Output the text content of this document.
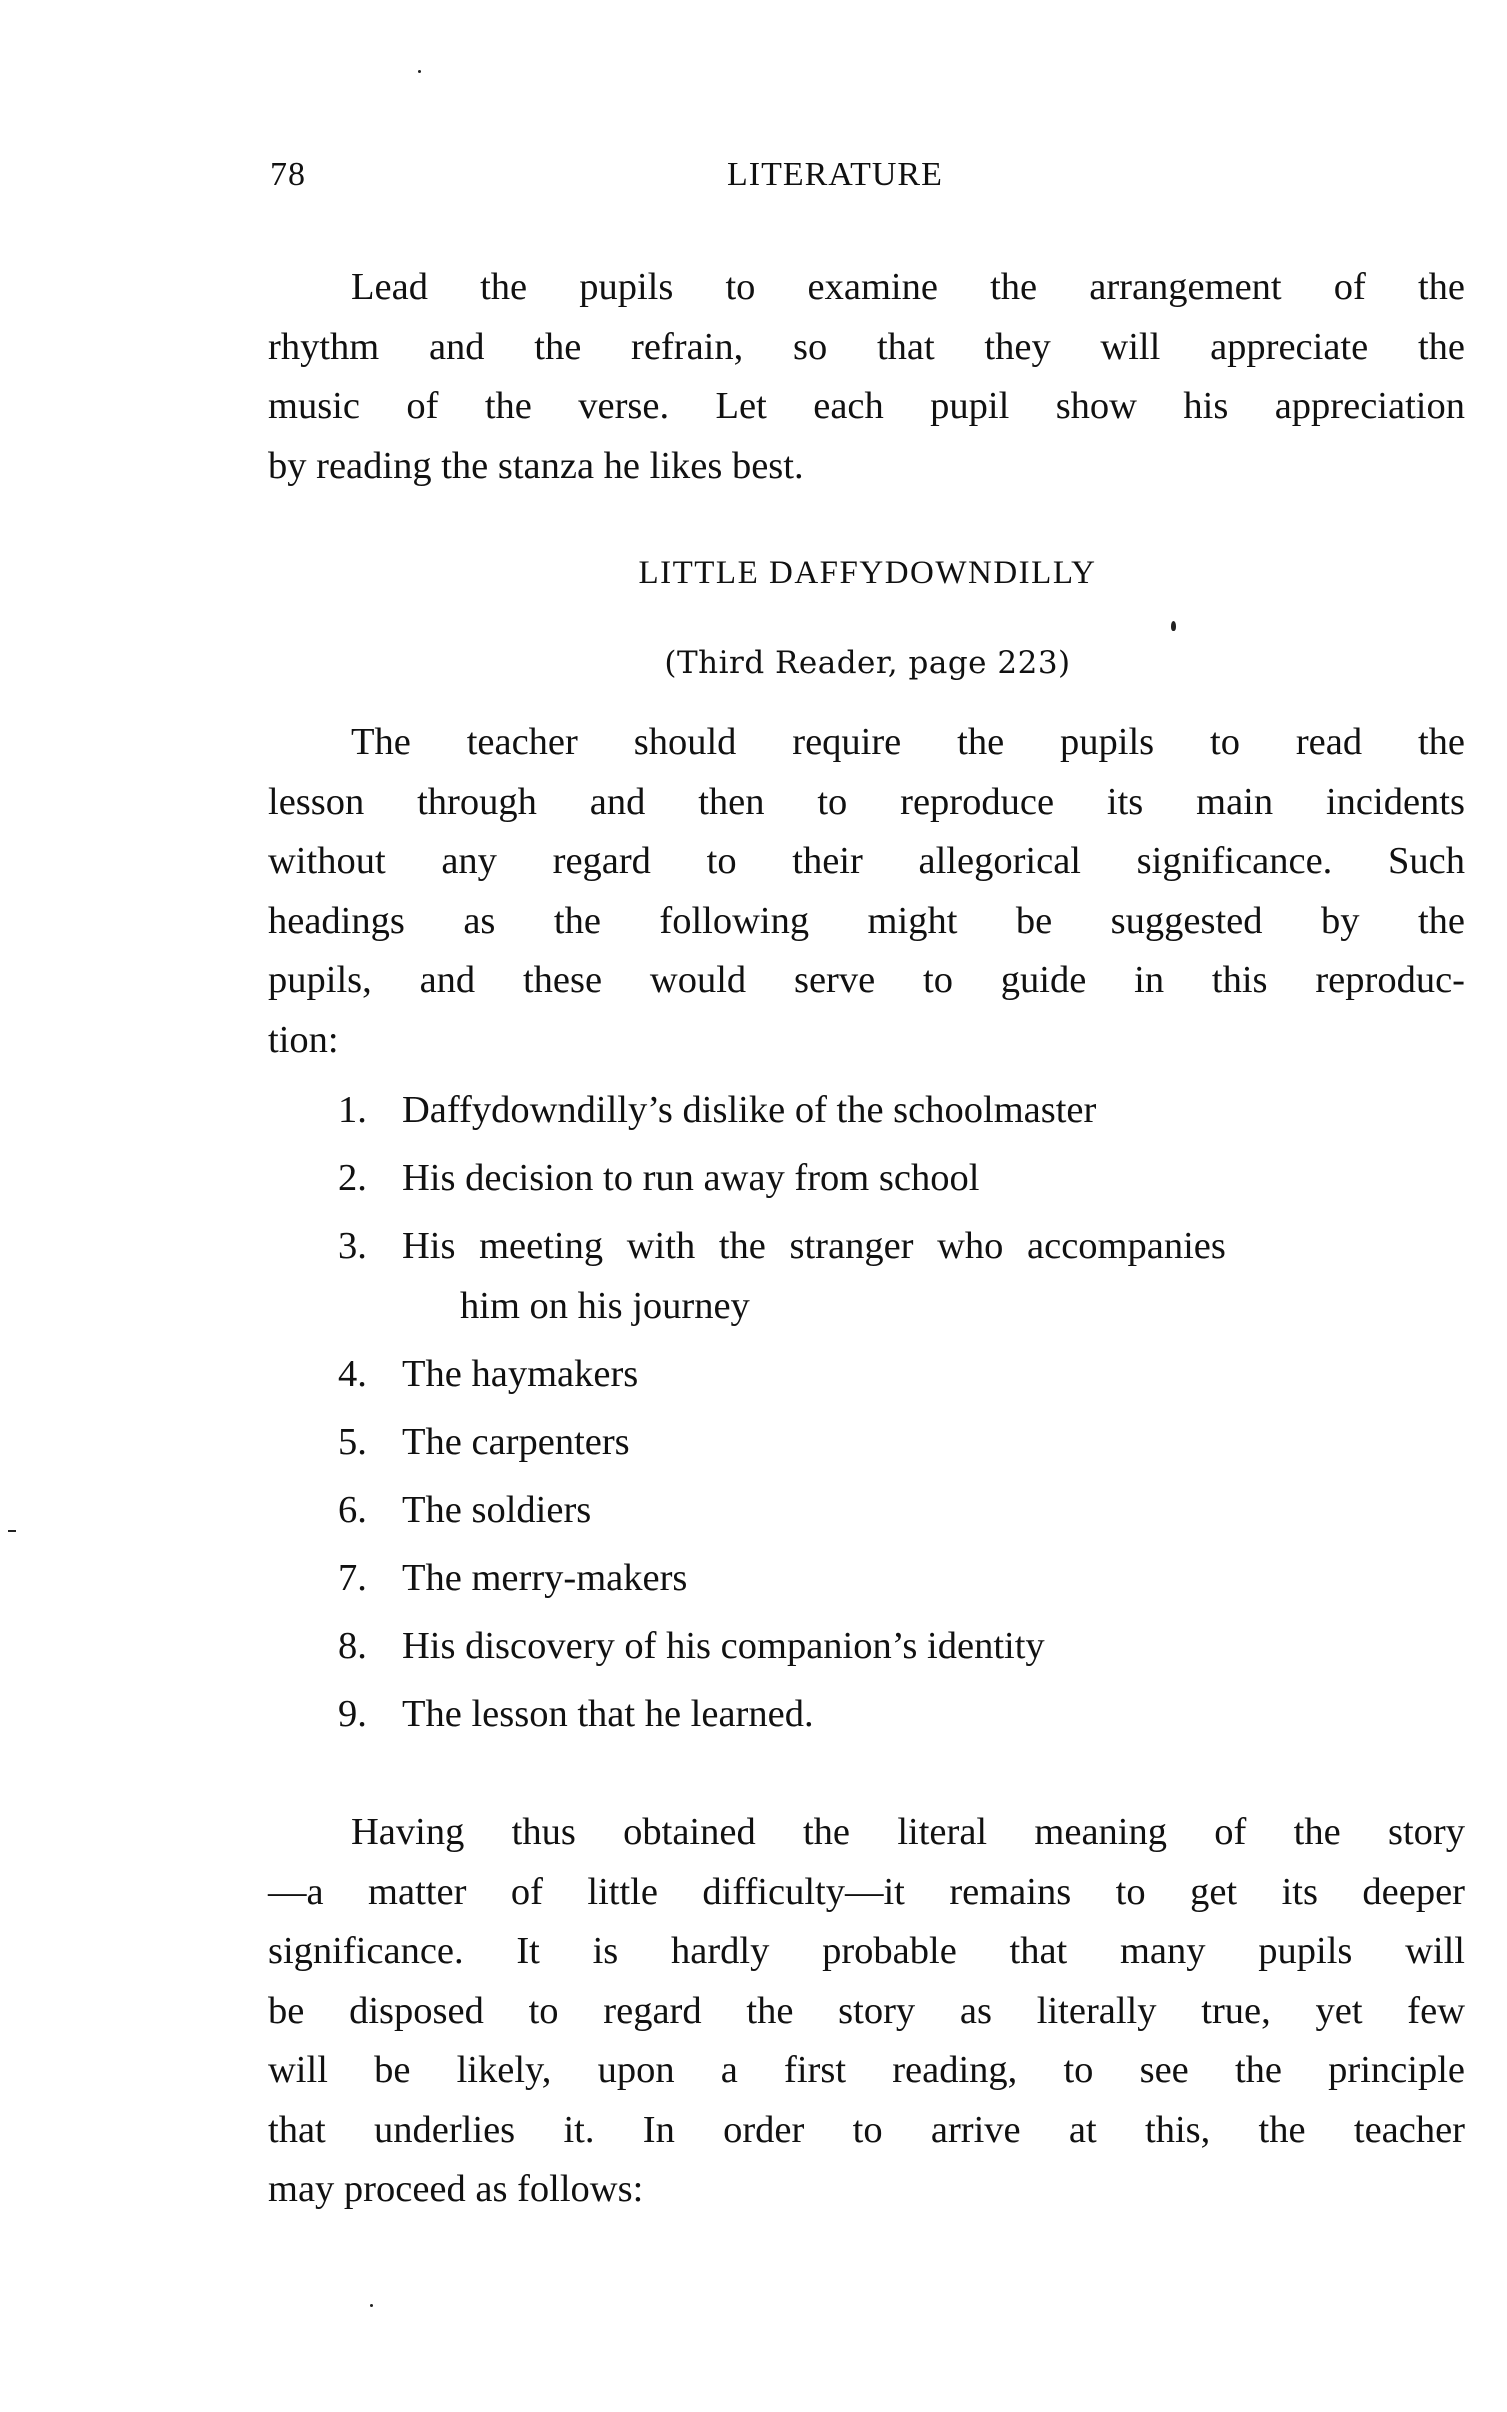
78	LITERATURE
Lead the pupils to examine the arrangement of the
rhythm and the refrain, so that they will appreciate the
music of the verse. Let each pupil show his appreciation
by reading the stanza he likes best.
LITTLE DAFFYDOWNDILLY
(Third Reader, page 223)
The teacher should require the pupils to read the
lesson through and then to reproduce its main incidents
without any regard to their allegorical significance. Such
headings as the following might be suggested by the
pupils, and these would serve to guide in this reproduc-
tion:
1. Daffydowndilly’s dislike of the schoolmaster
2. His decision to run away from school
3. His meeting with the stranger who accompanies
him on his journey
4. The haymakers
5. The carpenters
6. The soldiers
7. The merry-makers
8. His discovery of his companion’s identity
9. The lesson that he learned.
Having thus obtained the literal meaning of the story
—a matter of little difficulty—it remains to get its deeper
significance. It is hardly probable that many pupils will
be disposed to regard the story as literally true, yet few
will be likely, upon a first reading, to see the principle
that underlies it. In order to arrive at this, the teacher
may proceed as follows:
